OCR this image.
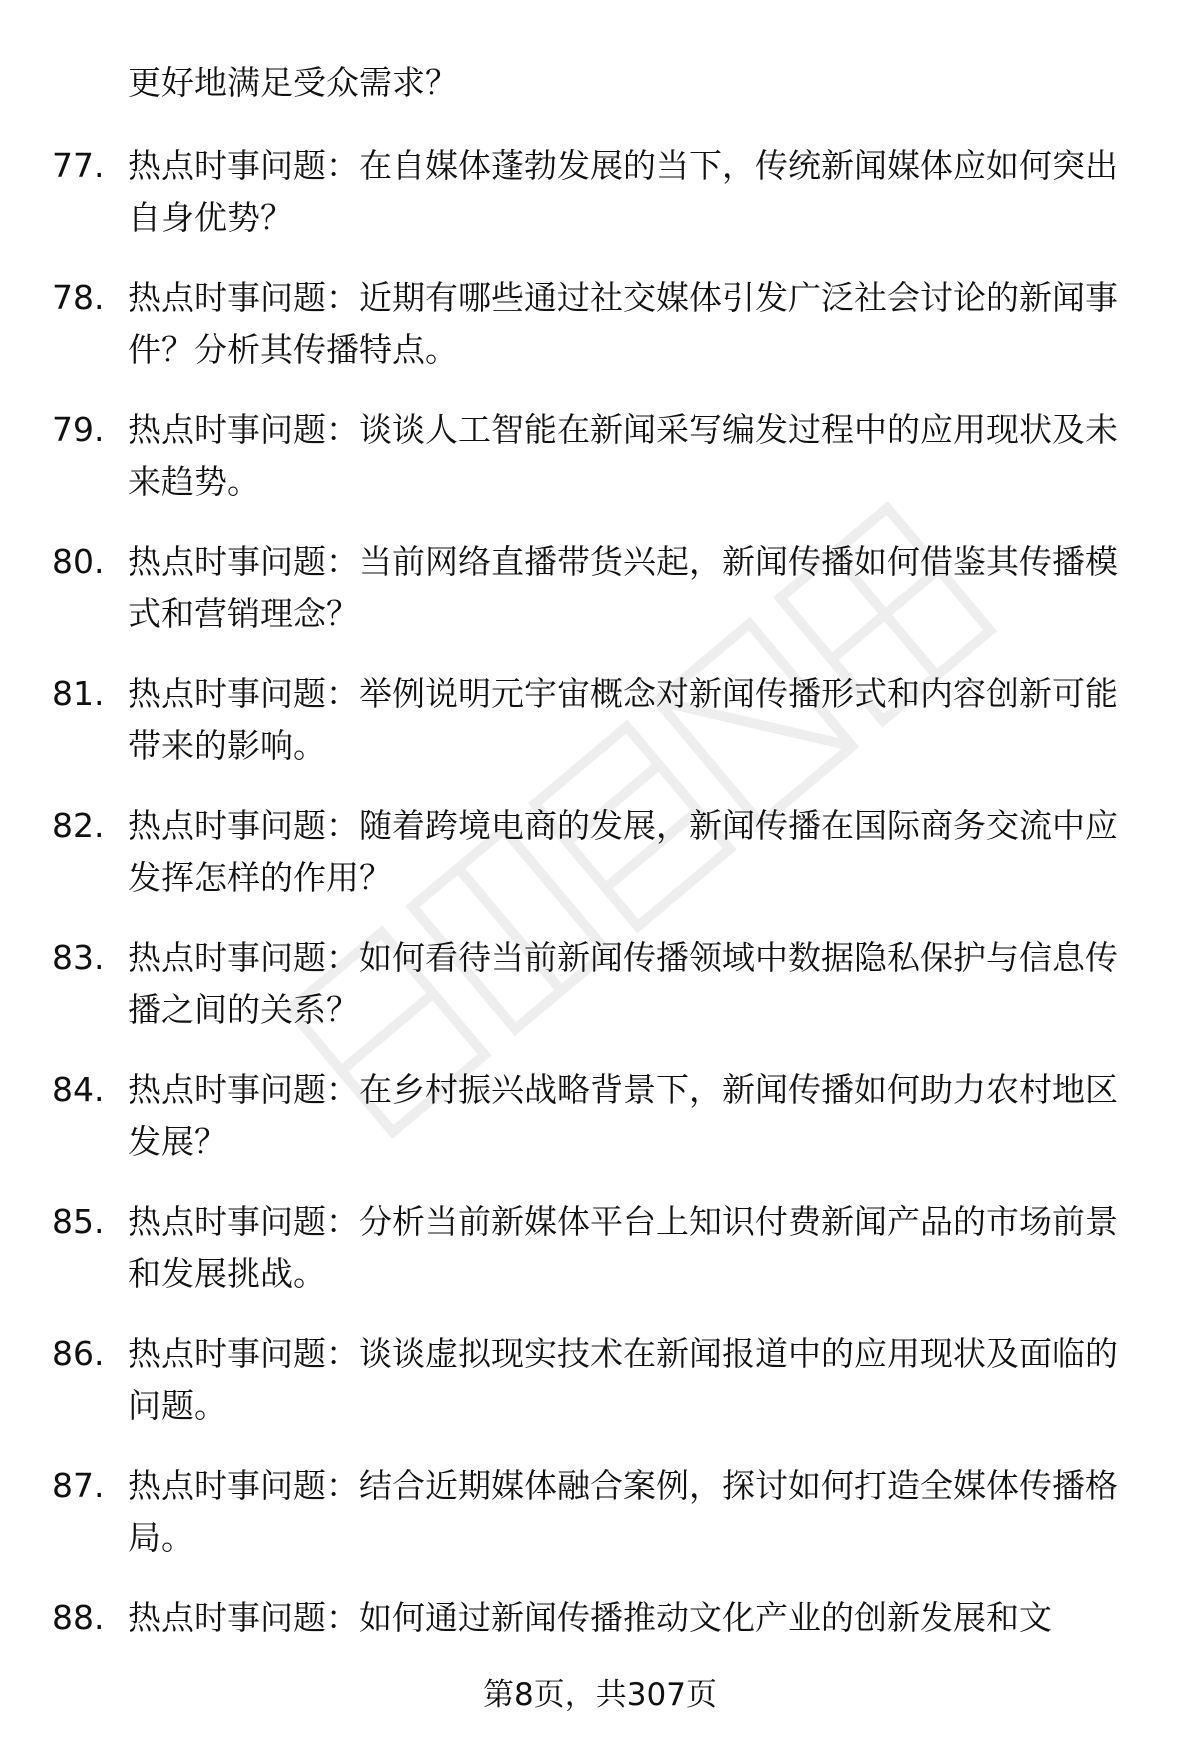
更好地满足受众需求？

77. 热点时事问题：在自媒体蓬勃发展的当下，传统新闻媒体应如何突出自身优势？

78. 热点时事问题：近期有哪些通过社交媒体引发广泛社会讨论的新闻事件？分析其传播特点。

79. 热点时事问题：谈谈人工智能在新闻采写编发过程中的应用现状及未来趋势。

80. 热点时事问题：当前网络直播带货兴起，新闻传播如何借鉴其传播模式和营销理念？

81. 热点时事问题：举例说明元宇宙概念对新闻传播形式和内容创新可能带来的影响。

82. 热点时事问题：随着跨境电商的发展，新闻传播在国际商务交流中应发挥怎样的作用？

83. 热点时事问题：如何看待当前新闻传播领域中数据隐私保护与信息传播之间的关系？

84. 热点时事问题：在乡村振兴战略背景下，新闻传播如何助力农村地区发展？

85. 热点时事问题：分析当前新媒体平台上知识付费新闻产品的市场前景和发展挑战。

86. 热点时事问题：谈谈虚拟现实技术在新闻报道中的应用现状及面临的问题。

87. 热点时事问题：结合近期媒体融合案例，探讨如何打造全媒体传播格局。

88. 热点时事问题：如何通过新闻传播推动文化产业的创新发展和文

第8页，共307页
